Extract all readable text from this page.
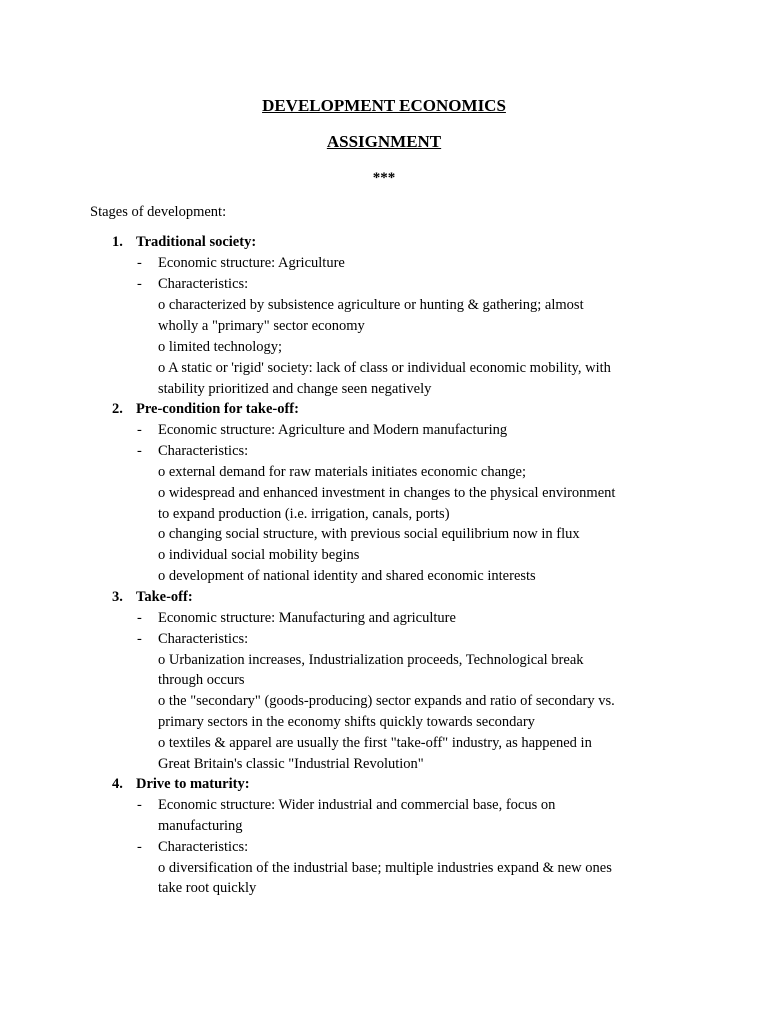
DEVELOPMENT ECONOMICS
ASSIGNMENT
***
Stages of development:
1. Traditional society:
- Economic structure: Agriculture
- Characteristics:
o characterized by subsistence agriculture or hunting & gathering; almost
wholly a "primary" sector economy
o limited technology;
o A static or 'rigid' society: lack of class or individual economic mobility, with
stability prioritized and change seen negatively
2. Pre-condition for take-off:
- Economic structure: Agriculture and Modern manufacturing
- Characteristics:
o external demand for raw materials initiates economic change;
o widespread and enhanced investment in changes to the physical environment
to expand production (i.e. irrigation, canals, ports)
o changing social structure, with previous social equilibrium now in flux
o individual social mobility begins
o development of national identity and shared economic interests
3. Take-off:
- Economic structure: Manufacturing and agriculture
- Characteristics:
o Urbanization increases, Industrialization proceeds, Technological break
through occurs
o the "secondary" (goods-producing) sector expands and ratio of secondary vs.
primary sectors in the economy shifts quickly towards secondary
o textiles & apparel are usually the first "take-off" industry, as happened in
Great Britain's classic "Industrial Revolution"
4. Drive to maturity:
- Economic structure: Wider industrial and commercial base, focus on
manufacturing
- Characteristics:
o diversification of the industrial base; multiple industries expand & new ones
take root quickly
